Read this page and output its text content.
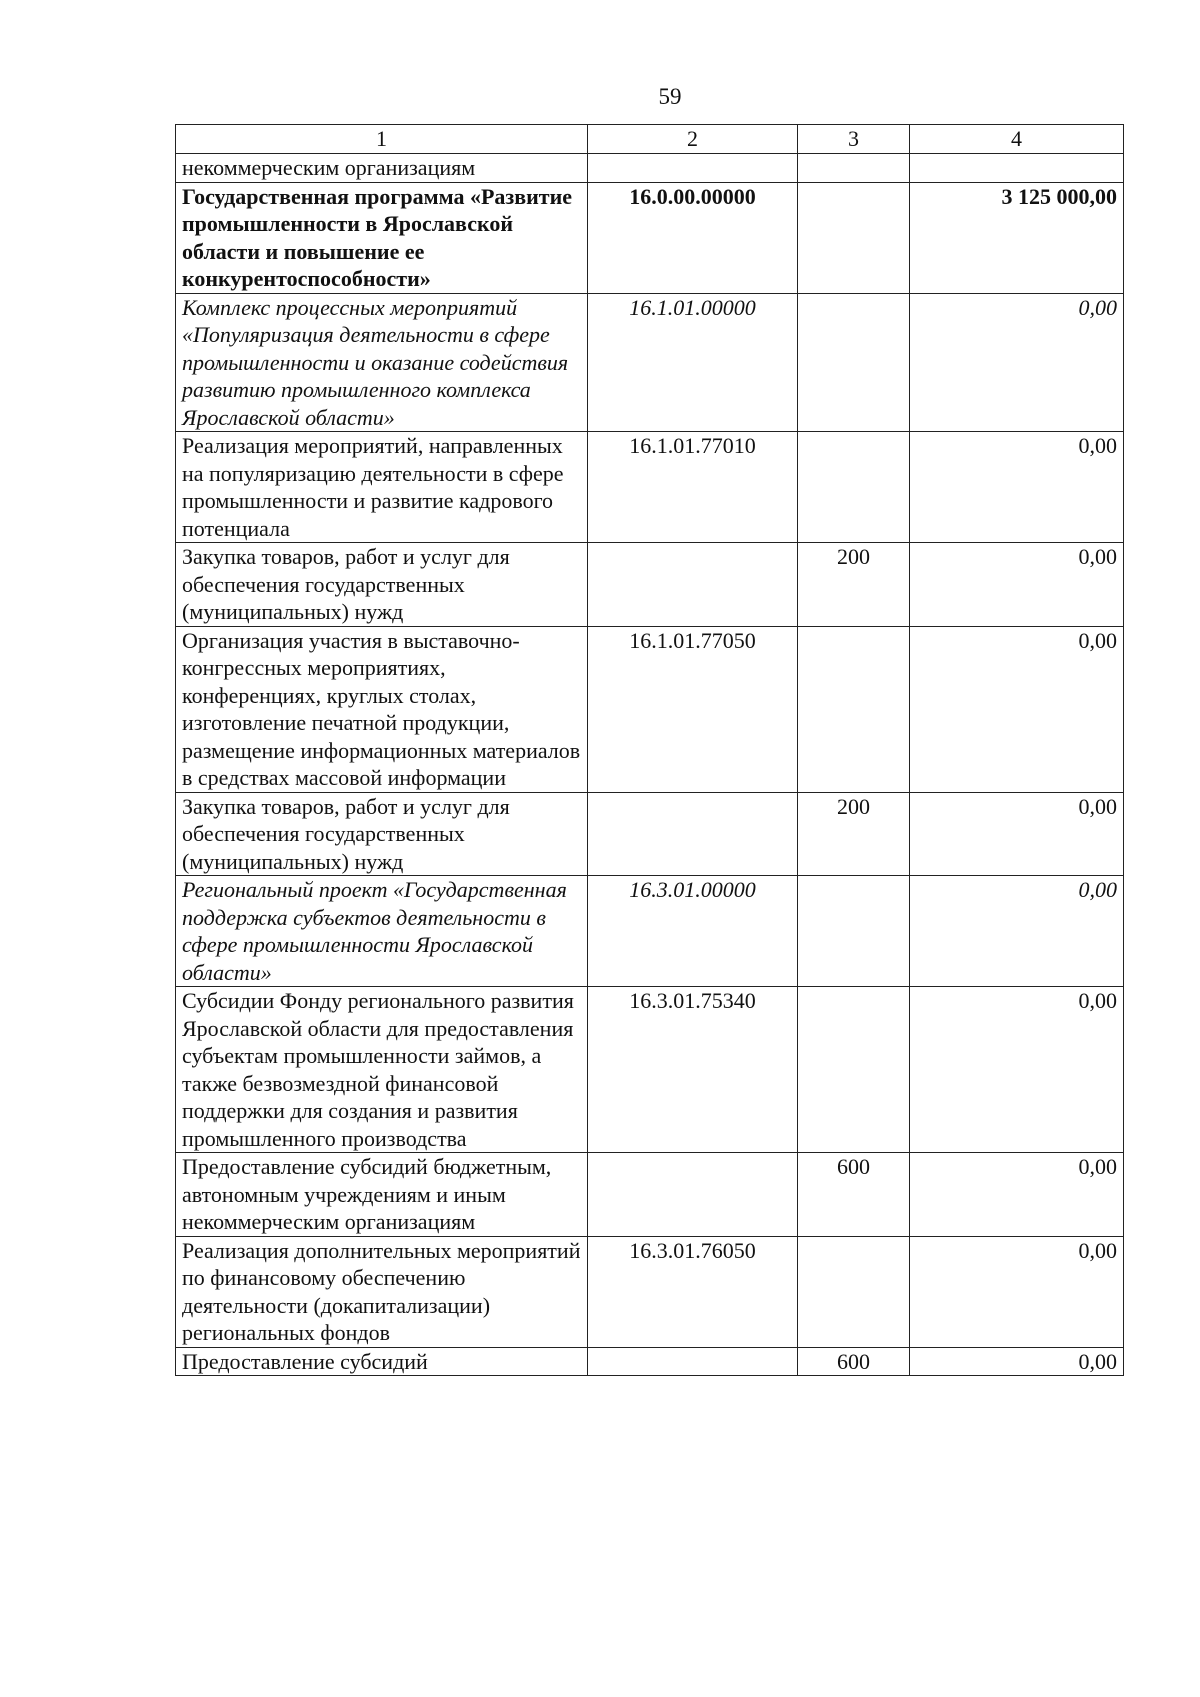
59
1	2	3	4
некоммерческим организациям			
Государственная программа «Развитие промышленности в Ярославской области и повышение ее конкурентоспособности»	16.0.00.00000		3 125 000,00
Комплекс процессных мероприятий «Популяризация деятельности в сфере промышленности и оказание содействия развитию промышленного комплекса Ярославской области»	16.1.01.00000		0,00
Реализация мероприятий, направленных на популяризацию деятельности в сфере промышленности и развитие кадрового потенциала	16.1.01.77010		0,00
Закупка товаров, работ и услуг для обеспечения государственных (муниципальных) нужд		200	0,00
Организация участия в выставочно-конгрессных мероприятиях, конференциях, круглых столах, изготовление печатной продукции, размещение информационных материалов в средствах массовой информации	16.1.01.77050		0,00
Закупка товаров, работ и услуг для обеспечения государственных (муниципальных) нужд		200	0,00
Региональный проект «Государственная поддержка субъектов деятельности в сфере промышленности Ярославской области»	16.3.01.00000		0,00
Субсидии Фонду регионального развития Ярославской области для предоставления субъектам промышленности займов, а также безвозмездной финансовой поддержки для создания и развития промышленного производства	16.3.01.75340		0,00
Предоставление субсидий бюджетным, автономным учреждениям и иным некоммерческим организациям		600	0,00
Реализация дополнительных мероприятий по финансовому обеспечению деятельности (докапитализации) региональных фондов	16.3.01.76050		0,00
Предоставление субсидий		600	0,00
